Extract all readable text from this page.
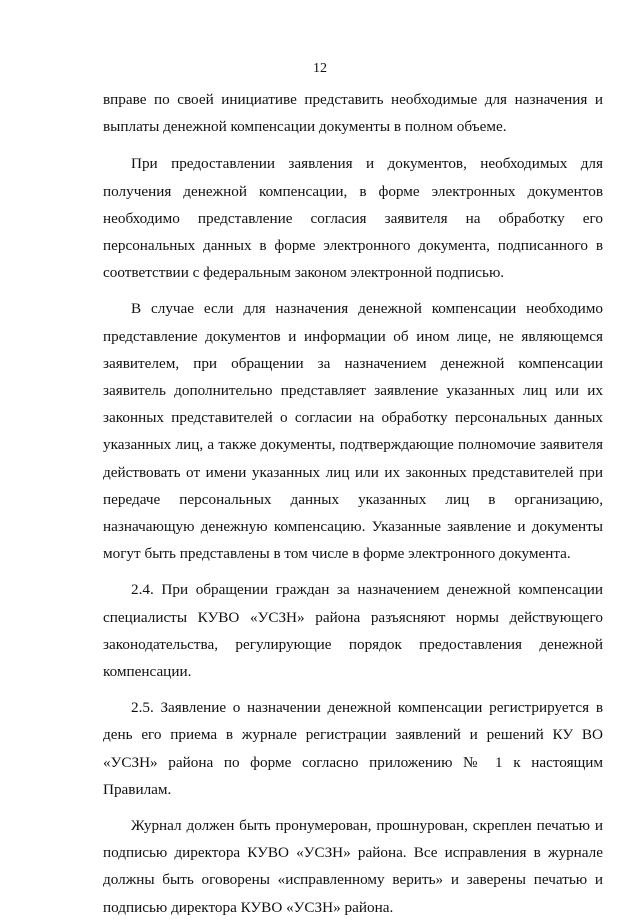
12

вправе по своей инициативе представить необходимые для назначения и выплаты денежной компенсации документы в полном объеме.

При предоставлении заявления и документов, необходимых для получения денежной компенсации, в форме электронных документов необходимо представление согласия заявителя на обработку его персональных данных в форме электронного документа, подписанного в соответствии с федеральным законом электронной подписью.

В случае если для назначения денежной компенсации необходимо представление документов и информации об ином лице, не являющемся заявителем, при обращении за назначением денежной компенсации заявитель дополнительно представляет заявление указанных лиц или их законных представителей о согласии на обработку персональных данных указанных лиц, а также документы, подтверждающие полномочие заявителя действовать от имени указанных лиц или их законных представителей при передаче персональных данных указанных лиц в организацию, назначающую денежную компенсацию. Указанные заявление и документы могут быть представлены в том числе в форме электронного документа.

2.4. При обращении граждан за назначением денежной компенсации специалисты КУВО «УСЗН» района разъясняют нормы действующего законодательства, регулирующие порядок предоставления денежной компенсации.

2.5. Заявление о назначении денежной компенсации регистрируется в день его приема в журнале регистрации заявлений и решений КУ ВО «УСЗН» района по форме согласно приложению № 1 к настоящим Правилам.

Журнал должен быть пронумерован, прошнурован, скреплен печатью и подписью директора КУВО «УСЗН» района. Все исправления в журнале должны быть оговорены «исправленному верить» и заверены печатью и подписью директора КУВО «УСЗН» района.
